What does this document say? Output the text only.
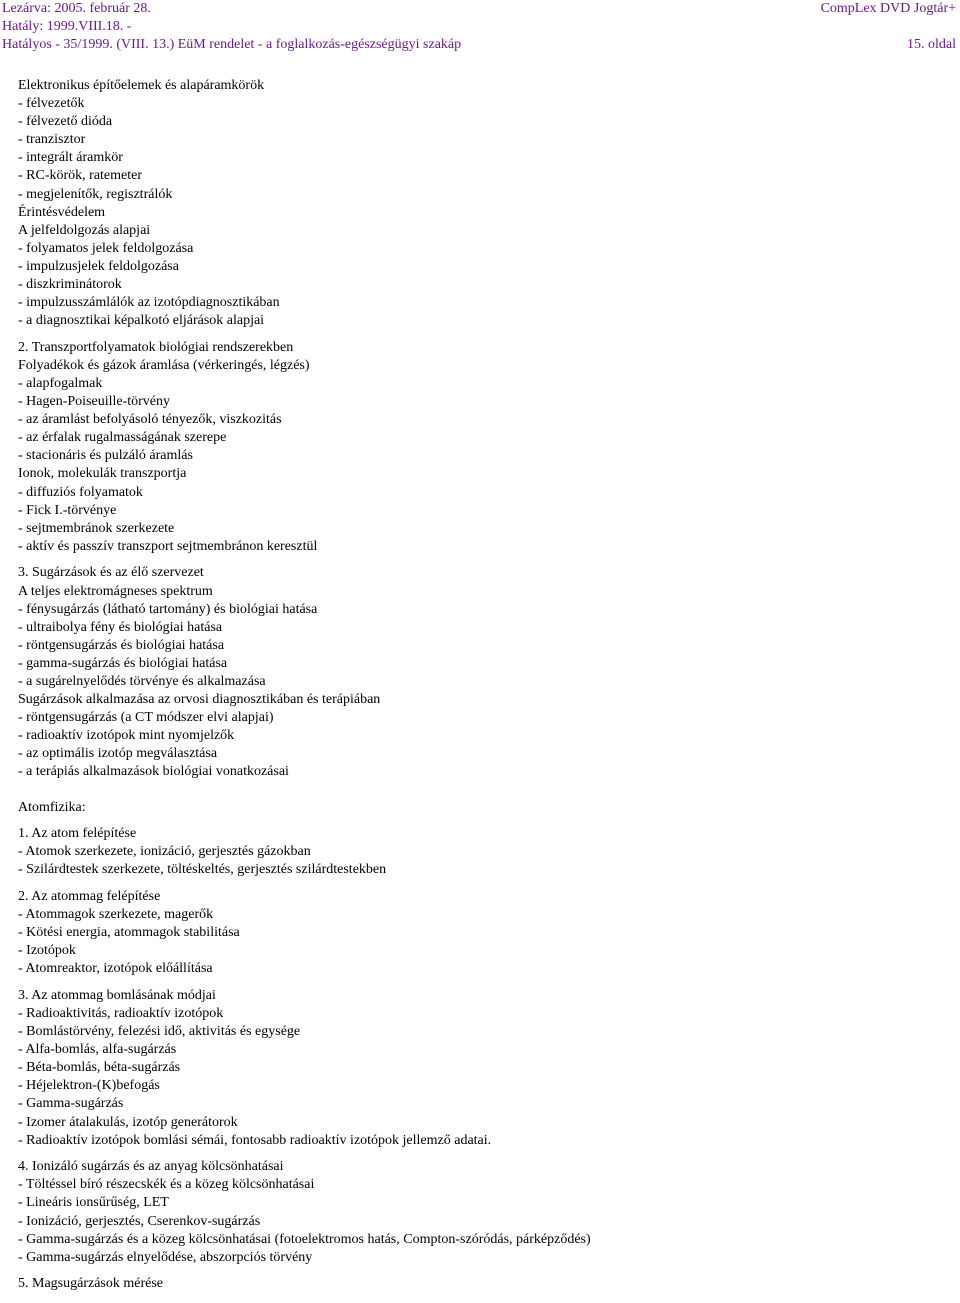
Lezárva: 2005. február 28.	CompLex DVD Jogtár+
Hatály: 1999.VIII.18. -
Hatályos - 35/1999. (VIII. 13.) EüM rendelet - a foglalkozás-egészségügyi szakáp	15. oldal
Elektronikus építőelemek és alapáramkörök
- félvezetők
- félvezető dióda
- tranzisztor
- integrált áramkör
- RC-körök, ratemeter
- megjelenítők, regisztrálók
Érintésvédelem
A jelfeldolgozás alapjai
- folyamatos jelek feldolgozása
- impulzusjelek feldolgozása
- diszkriminátorok
- impulzusszámlálók az izotópdiagnosztikában
- a diagnosztikai képalkotó eljárások alapjai
2. Transzportfolyamatok biológiai rendszerekben
Folyadékok és gázok áramlása (vérkeringés, légzés)
- alapfogalmak
- Hagen-Poiseuille-törvény
- az áramlást befolyásoló tényezők, viszkozitás
- az érfalak rugalmasságának szerepe
- stacionáris és pulzáló áramlás
Ionok, molekulák transzportja
- diffuziós folyamatok
- Fick I.-törvénye
- sejtmembránok szerkezete
- aktív és passzív transzport sejtmembránon keresztül
3. Sugárzások és az élő szervezet
A teljes elektromágneses spektrum
- fénysugárzás (látható tartomány) és biológiai hatása
- ultraibolya fény és biológiai hatása
- röntgensugárzás és biológiai hatása
- gamma-sugárzás és biológiai hatása
- a sugárelnyelődés törvénye és alkalmazása
Sugárzások alkalmazása az orvosi diagnosztikában és terápiában
- röntgensugárzás (a CT módszer elvi alapjai)
- radioaktív izotópok mint nyomjelzők
- az optimális izotóp megválasztása
- a terápiás alkalmazások biológiai vonatkozásai
Atomfizika:
1. Az atom felépítése
- Atomok szerkezete, ionizáció, gerjesztés gázokban
- Szilárdtestek szerkezete, töltéskeltés, gerjesztés szilárdtestekben
2. Az atommag felépítése
- Atommagok szerkezete, magerők
- Kötési energia, atommagok stabilitása
- Izotópok
- Atomreaktor, izotópok előállítása
3. Az atommag bomlásának módjai
- Radioaktivitás, radioaktív izotópok
- Bomlástörvény, felezési idő, aktivitás és egysége
- Alfa-bomlás, alfa-sugárzás
- Béta-bomlás, béta-sugárzás
- Héjelektron-(K)befogás
- Gamma-sugárzás
- Izomer átalakulás, izotóp generátorok
- Radioaktív izotópok bomlási sémái, fontosabb radioaktív izotópok jellemző adatai.
4. Ionizáló sugárzás és az anyag kölcsönhatásai
- Töltéssel bíró részecskék és a közeg kölcsönhatásai
- Lineáris ionsűrűség, LET
- Ionizáció, gerjesztés, Cserenkov-sugárzás
- Gamma-sugárzás és a közeg kölcsönhatásai (fotoelektromos hatás, Compton-szóródás, párképződés)
- Gamma-sugárzás elnyelődése, abszorpciós törvény
5. Magsugárzások mérése
